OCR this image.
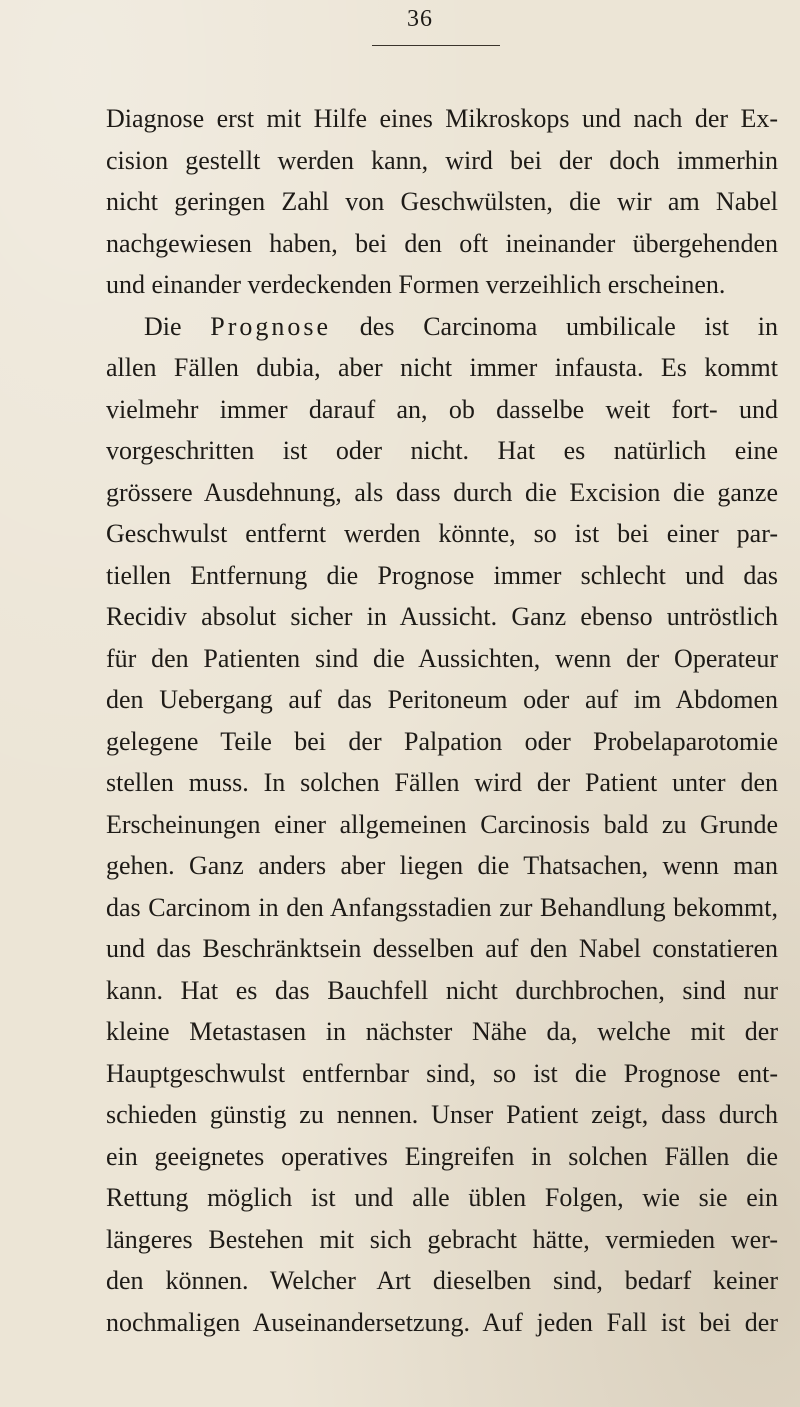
36
Diagnose erst mit Hilfe eines Mikroskops und nach der Ex-
cision gestellt werden kann, wird bei der doch immerhin
nicht geringen Zahl von Geschwülsten, die wir am Nabel
nachgewiesen haben, bei den oft ineinander übergehenden
und einander verdeckenden Formen verzeihlich erscheinen.
Die Prognose des Carcinoma umbilicale ist in
allen Fällen dubia, aber nicht immer infausta. Es kommt
vielmehr immer darauf an, ob dasselbe weit fort- und
vorgeschritten ist oder nicht. Hat es natürlich eine
grössere Ausdehnung, als dass durch die Excision die ganze
Geschwulst entfernt werden könnte, so ist bei einer par-
tiellen Entfernung die Prognose immer schlecht und das
Recidiv absolut sicher in Aussicht. Ganz ebenso untröstlich
für den Patienten sind die Aussichten, wenn der Operateur
den Uebergang auf das Peritoneum oder auf im Abdomen
gelegene Teile bei der Palpation oder Probelaparotomie
stellen muss. In solchen Fällen wird der Patient unter den
Erscheinungen einer allgemeinen Carcinosis bald zu Grunde
gehen. Ganz anders aber liegen die Thatsachen, wenn man
das Carcinom in den Anfangsstadien zur Behandlung bekommt,
und das Beschränktsein desselben auf den Nabel constatieren
kann. Hat es das Bauchfell nicht durchbrochen, sind nur
kleine Metastasen in nächster Nähe da, welche mit der
Hauptgeschwulst entfernbar sind, so ist die Prognose ent-
schieden günstig zu nennen. Unser Patient zeigt, dass durch
ein geeignetes operatives Eingreifen in solchen Fällen die
Rettung möglich ist und alle üblen Folgen, wie sie ein
längeres Bestehen mit sich gebracht hätte, vermieden wer-
den können. Welcher Art dieselben sind, bedarf keiner
nochmaligen Auseinandersetzung. Auf jeden Fall ist bei der
